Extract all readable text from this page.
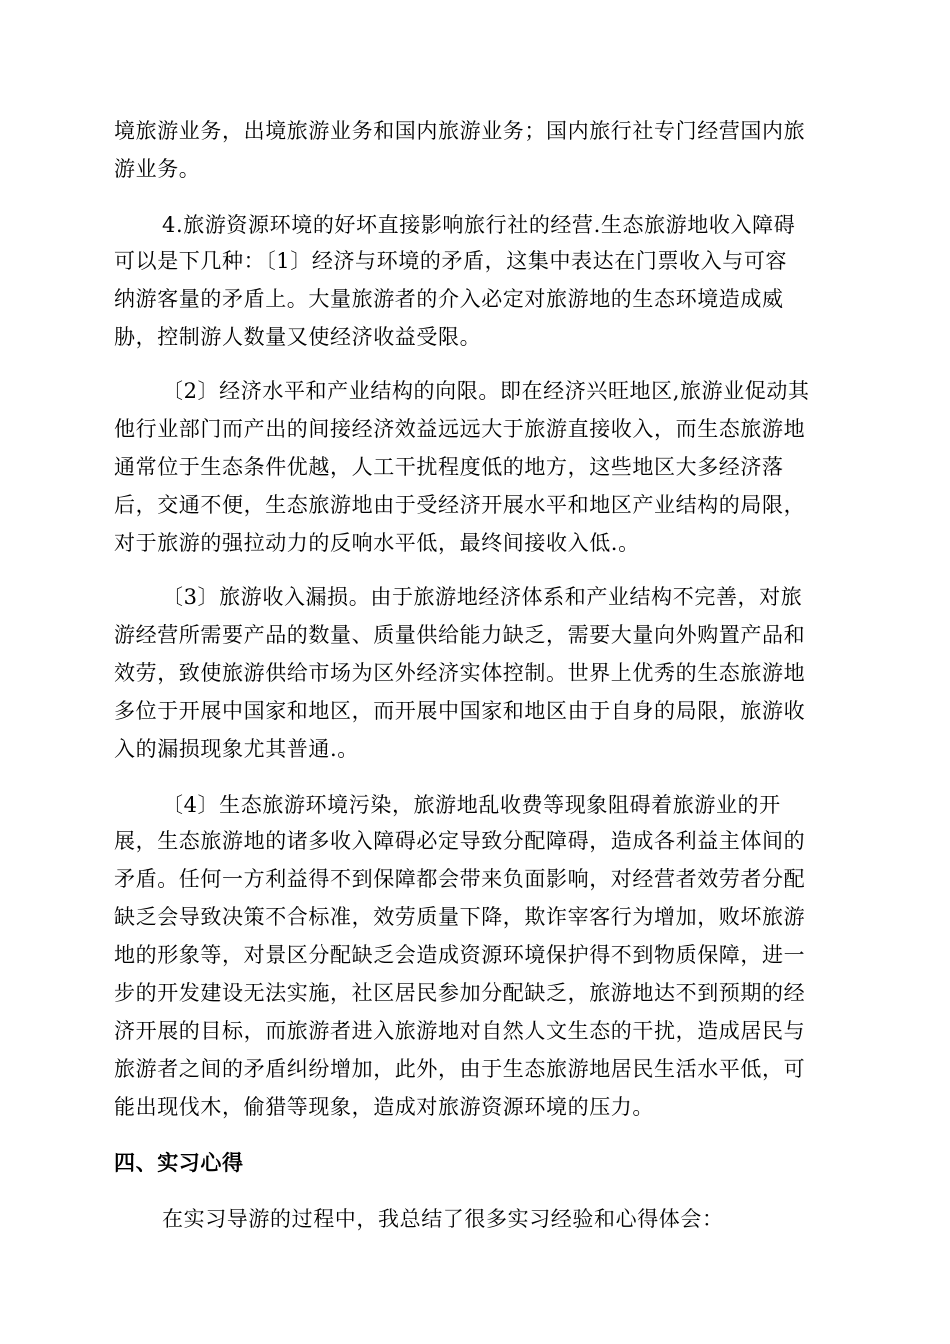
境旅游业务，出境旅游业务和国内旅游业务；国内旅行社专门经营国内旅
游业务。
4.旅游资源环境的好坏直接影响旅行社的经营.生态旅游地收入障碍
可以是下几种：〔1〕经济与环境的矛盾，这集中表达在门票收入与可容
纳游客量的矛盾上。大量旅游者的介入必定对旅游地的生态环境造成威
胁，控制游人数量又使经济收益受限。
〔2〕经济水平和产业结构的向限。即在经济兴旺地区,旅游业促动其
他行业部门而产出的间接经济效益远远大于旅游直接收入，而生态旅游地
通常位于生态条件优越，人工干扰程度低的地方，这些地区大多经济落
后，交通不便，生态旅游地由于受经济开展水平和地区产业结构的局限，
对于旅游的强拉动力的反响水平低，最终间接收入低.。
〔3〕旅游收入漏损。由于旅游地经济体系和产业结构不完善，对旅
游经营所需要产品的数量、质量供给能力缺乏，需要大量向外购置产品和
效劳，致使旅游供给市场为区外经济实体控制。世界上优秀的生态旅游地
多位于开展中国家和地区，而开展中国家和地区由于自身的局限，旅游收
入的漏损现象尤其普通.。
〔4〕生态旅游环境污染，旅游地乱收费等现象阻碍着旅游业的开
展，生态旅游地的诸多收入障碍必定导致分配障碍，造成各利益主体间的
矛盾。任何一方利益得不到保障都会带来负面影响，对经营者效劳者分配
缺乏会导致决策不合标准，效劳质量下降，欺诈宰客行为增加，败坏旅游
地的形象等，对景区分配缺乏会造成资源环境保护得不到物质保障，进一
步的开发建设无法实施，社区居民参加分配缺乏，旅游地达不到预期的经
济开展的目标，而旅游者进入旅游地对自然人文生态的干扰，造成居民与
旅游者之间的矛盾纠纷增加，此外，由于生态旅游地居民生活水平低，可
能出现伐木，偷猎等现象，造成对旅游资源环境的压力。
四、实习心得
在实习导游的过程中，我总结了很多实习经验和心得体会：
